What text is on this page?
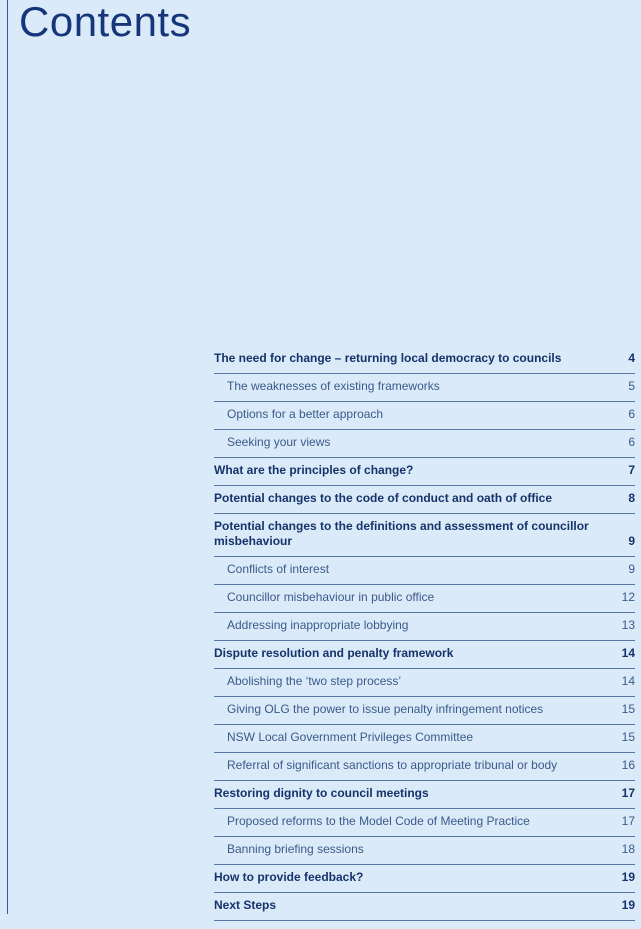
Contents
The need for change – returning local democracy to councils	4
The weaknesses of existing frameworks	5
Options for a better approach	6
Seeking your views	6
What are the principles of change?	7
Potential changes to the code of conduct and oath of office	8
Potential changes to the definitions and assessment of councillor misbehaviour	9
Conflicts of interest	9
Councillor misbehaviour in public office	12
Addressing inappropriate lobbying	13
Dispute resolution and penalty framework	14
Abolishing the ‘two step process’	14
Giving OLG the power to issue penalty infringement notices	15
NSW Local Government Privileges Committee	15
Referral of significant sanctions to appropriate tribunal or body	16
Restoring dignity to council meetings	17
Proposed reforms to the Model Code of Meeting Practice	17
Banning briefing sessions	18
How to provide feedback?	19
Next Steps	19
